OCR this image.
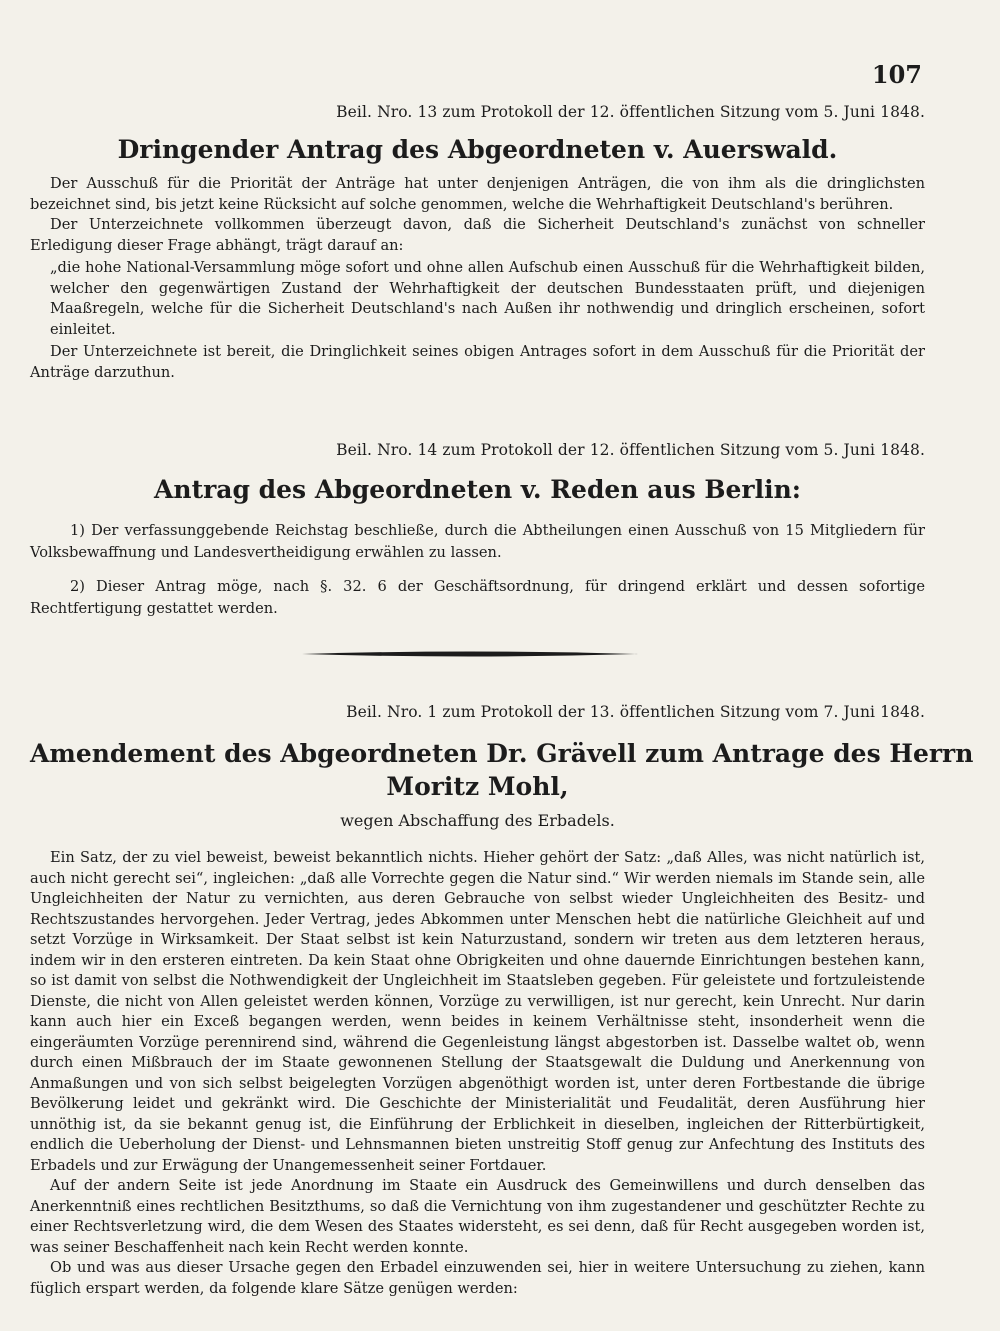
107

Beil. Nro. 13 zum Protokoll der 12. öffentlichen Sitzung vom 5. Juni 1848.

Dringender Antrag des Abgeordneten v. Auerswald.

Der Ausschuß für die Priorität der Anträge hat unter denjenigen Anträgen, die von ihm als die dringlichsten bezeichnet sind, bis jetzt keine Rücksicht auf solche genommen, welche die Wehrhaftigkeit Deutschland's berühren.

Der Unterzeichnete vollkommen überzeugt davon, daß die Sicherheit Deutschland's zunächst von schneller Erledigung dieser Frage abhängt, trägt darauf an:

„die hohe National-Versammlung möge sofort und ohne allen Aufschub einen Ausschuß für die Wehrhaftigkeit bilden, welcher den gegenwärtigen Zustand der Wehrhaftigkeit der deutschen Bundesstaaten prüft, und diejenigen Maaßregeln, welche für die Sicherheit Deutschland's nach Außen ihr nothwendig und dringlich erscheinen, sofort einleitet.

Der Unterzeichnete ist bereit, die Dringlichkeit seines obigen Antrages sofort in dem Ausschuß für die Priorität der Anträge darzuthun.

Beil. Nro. 14 zum Protokoll der 12. öffentlichen Sitzung vom 5. Juni 1848.

Antrag des Abgeordneten v. Reden aus Berlin:

1) Der verfassunggebende Reichstag beschließe, durch die Abtheilungen einen Ausschuß von 15 Mitgliedern für Volksbewaffnung und Landesvertheidigung erwählen zu lassen.

2) Dieser Antrag möge, nach §. 32. 6 der Geschäftsordnung, für dringend erklärt und dessen sofortige Rechtfertigung gestattet werden.

Beil. Nro. 1 zum Protokoll der 13. öffentlichen Sitzung vom 7. Juni 1848.

Amendement des Abgeordneten Dr. Grävell zum Antrage des Herrn
Moritz Mohl,

wegen Abschaffung des Erbadels.

Ein Satz, der zu viel beweist, beweist bekanntlich nichts. Hieher gehört der Satz: „daß Alles, was nicht natürlich ist, auch nicht gerecht sei“, ingleichen: „daß alle Vorrechte gegen die Natur sind.“ Wir werden niemals im Stande sein, alle Ungleichheiten der Natur zu vernichten, aus deren Gebrauche von selbst wieder Ungleichheiten des Besitz- und Rechtszustandes hervorgehen. Jeder Vertrag, jedes Abkommen unter Menschen hebt die natürliche Gleichheit auf und setzt Vorzüge in Wirksamkeit. Der Staat selbst ist kein Naturzustand, sondern wir treten aus dem letzteren heraus, indem wir in den ersteren eintreten. Da kein Staat ohne Obrigkeiten und ohne dauernde Einrichtungen bestehen kann, so ist damit von selbst die Nothwendigkeit der Ungleichheit im Staatsleben gegeben. Für geleistete und fortzuleistende Dienste, die nicht von Allen geleistet werden können, Vorzüge zu verwilligen, ist nur gerecht, kein Unrecht. Nur darin kann auch hier ein Exceß begangen werden, wenn beides in keinem Verhältnisse steht, insonderheit wenn die eingeräumten Vorzüge perennirend sind, während die Gegenleistung längst abgestorben ist. Dasselbe waltet ob, wenn durch einen Mißbrauch der im Staate gewonnenen Stellung der Staatsgewalt die Duldung und Anerkennung von Anmaßungen und von sich selbst beigelegten Vorzügen abgenöthigt worden ist, unter deren Fortbestande die übrige Bevölkerung leidet und gekränkt wird. Die Geschichte der Ministerialität und Feudalität, deren Ausführung hier unnöthig ist, da sie bekannt genug ist, die Einführung der Erblichkeit in dieselben, ingleichen der Ritterbürtigkeit, endlich die Ueberholung der Dienst- und Lehnsmannen bieten unstreitig Stoff genug zur Anfechtung des Instituts des Erbadels und zur Erwägung der Unangemessenheit seiner Fortdauer.

Auf der andern Seite ist jede Anordnung im Staate ein Ausdruck des Gemeinwillens und durch denselben das Anerkenntniß eines rechtlichen Besitzthums, so daß die Vernichtung von ihm zugestandener und geschützter Rechte zu einer Rechtsverletzung wird, die dem Wesen des Staates widersteht, es sei denn, daß für Recht ausgegeben worden ist, was seiner Beschaffenheit nach kein Recht werden konnte.

Ob und was aus dieser Ursache gegen den Erbadel einzuwenden sei, hier in weitere Untersuchung zu ziehen, kann füglich erspart werden, da folgende klare Sätze genügen werden:
